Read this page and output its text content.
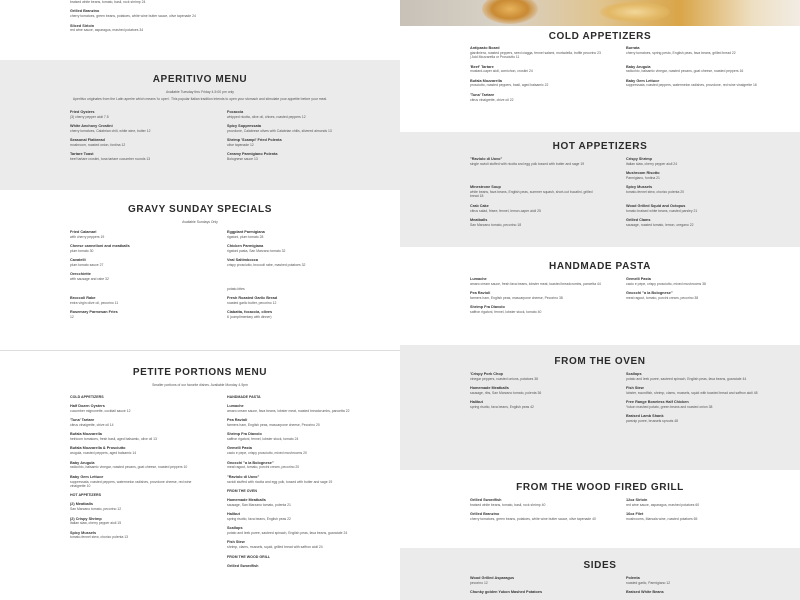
braised white beans, tomato, basil, rock shrimp 24
Grilled Branzino
cherry tomatoes, green beans, potatoes, white wine butter sauce, olive tapenade 24
Sliced Sirloin
red wine sauce, asparagus, mashed potatoes 34
APERITIVO MENU
Available Tuesday thru Friday 4-5:00 pm only
Aperitivo originates from the Latin aperire which means 'to open'. This popular Italian tradition intends to open your stomach and stimulate your appetite before your meal.
Fried Oysters
(3) cherry pepper aioli 7.5
Focaccia
whipped ricotta, olive oil, chives, roasted peppers 12
White Anchovy Crostini
cherry tomatoes, Calabrian chili, white wine, butter 12
Spicy Soppressata
provolone, Calabrese olives with Calabrian chilis, slivered almonds 13
Seasonal Flatbread
mushroom, roasted onion, fontina 12
Shrimp 'Scampi' Fried Polenta
olive tapenade 12
Tartare Toast
beef tartare crostini, tuna tartare cucumber rounds 13
Creamy Parmigiano Polenta
Bolognese sauce 13
GRAVY SUNDAY SPECIALS
Available Sundays Only
Fried Calamari
with cherry peppers 19
Eggplant Parmigiana
rigatoni, plum tomato 28
Cheese cannelloni and meatballs
plum tomato 30
Chicken Parmigiana
rigatoni pasta, San Marzano tomato 32
Cavatelli
plum tomato sauce 27
Veal Saltimbocca
crispy prosciutto, broccoli rabe, mashed potatoes 32
Orecchiette
with sausage and rabe 32
potato-bites
Broccoli Rabe
extra virgin olive oil, pecorino 11
Fresh Roasted Garlic Bread
roasted garlic butter, pecorino 12
Rosemary Parmesan Fries
12
Ciabatta, focaccia, olives
6 (complimentary with dinner)
PETITE PORTIONS MENU
Smaller portions of our favorite dishes. Available Monday 4-9pm
COLD APPETIZERS
Half Dozen Oysters
cucumber mignonette, cocktail sauce 12
'Tuna' Tartare
citrus vinaigrette, chive oil 14
Bufala Mozzarella
heirloom tomatoes, fresh basil, aged balsamic, olive oil 13
Bufala Mozzarella & Prosciutto
arugula, roasted peppers, aged balsamic 14
Baby Arugula
radicchio, balsamic vinegar, roasted pecans, goat cheese, roasted peppers 10
Baby Gem Lettuce
soppressata, roasted peppers, watermelon radishes, provolone cheese, red wine vinaigrette 10
HOT APPETIZERS
(2) Meatballs
San Marzano tomato, pecorino 12
(2) Crispy Shrimp
Italian slaw, cherry pepper aioli 15
Spicy Mussels
tomato-fennel stew, chorizo polenta 13
HANDMADE PASTA
Lumache
amaro cream sauce, fava beans, lobster meat, roasted breadcrumbs, pancetta 22
Pea Ravioli
farmers ham, English peas, mascarpone cheese, Pecorino 20
Shrimp Fra Diavolo
saffron rigatoni, fennel, lobster stock, tomato 24
Gemelli Pasta
cacio e pepe, crispy prosciutto, mixed mushrooms 20
Gnocchi "a la Bolognese"
meat ragout, tomato, porcini cream, pecorino 20
"Raviolo di Uovo"
ravioli stuffed with ricotta and egg yolk, tossed with butter and sage 19
FROM THE OVEN
Homemade Meatballs
sausage, San Marzano tomato, polenta 21
Halibut
spring risotto, fava beans, English peas 22
Scallops
potato and leek puree, sauteed spinach, English peas, fava beans, guanciale 24
Fish Stew
shrimp, clams, mussels, squid, grilled bread with saffron aioli 24
FROM THE WOOD GRILL
Grilled Swordfish
COLD APPETIZERS
Antipasto Board
giardiniera, roasted peppers, seed ciagga, fennel salami, mortadella, truffle pecorino 23 | Add Mozzarella or Prosciutto 11
Burrata
cherry tomatoes, spring pesto, English peas, fava beans, grilled bread 22
'Beef' Tartare
mustard-caper aioli, cornichon, crostini 24
Baby Arugula
radicchio, balsamic vinegar, roasted pecans, goat cheese, roasted peppers 16
Bufala Mozzarella
prosciutto, roasted peppers, basil, aged balsamic 22
Baby Gem Lettuce
soppressata, roasted peppers, watermelon radishes, provolone, red wine vinaigrette 16
'Tuna' Tartare
citrus vinaigrette, chive oil 22
HOT APPETIZERS
"Raviolo di Uovo"
single ravioli stuffed with ricotta and egg yolk tossed with butter and sage 19
Crispy Shrimp
Italian slaw, cherry pepper aioli 24
Mushroom Risotto
Parmigiano, fontina 21
Minestrone Soup
white beans, fava beans, English peas, summer squash, short-cut bucatini, grilled bread 18
Spicy Mussels
tomato-fennel stew, chorizo polenta 20
Crab Cake
citrus salad, frisee, fennel, lemon-caper aioli 25
Wood Grilled Squid and Octopus
tomato braised white beans, roasted parsley 21
Meatballs
San Marzano tomato, pecorino 18
Grilled Clams
sausage, roasted tomato, lemon, oregano 22
HANDMADE PASTA
Lumache
amaro cream sauce, fresh fava beans, lobster meat, toasted breadcrumbs, pancetta 44
Gemelli Pasta
cacio e pepe, crispy prosciutto, mixed mushrooms 38
Pea Ravioli
farmers ham, English peas, mascarpone cheese, Pecorino 38
Gnocchi "a la Bolognese"
meat ragout, tomato, porcini cream, pecorino 38
Shrimp Fra Diavolo
saffron rigatoni, fennel, lobster stock, tomato 40
FROM THE OVEN
'Crispy Pork Chop
vinegar peppers, roasted onions, potatoes 38
Scallops
potato and leek puree, sauteed spinach, English peas, fava beans, guanciale 44
Homemade Meatballs
sausage, ribs, San Marzano tomato, polenta 36
Fish Stew
lobster, swordfish, shrimp, clams, mussels, squid with toasted bread and saffron aioli 48
Halibut
spring risotto, fava beans, English peas 42
Free Range Boneless Half Chicken
Yukon mashed potato, green beans and roasted onion 38
Braised Lamb Shank
parsnip puree, brussels sprouts 48
FROM THE WOOD FIRED GRILL
Grilled Swordfish
braised white beans, tomato, basil, rock shrimp 40
12oz Sirloin
red wine sauce, asparagus, mashed potatoes 60
Grilled Branzino
cherry tomatoes, green beans, potatoes, white wine butter sauce, olive tapenade 40
16oz Filet
mushrooms, Marsala wine, roasted potatoes 65
SIDES
Wood Grilled Asparagus
pecorino 12
Polenta
roasted garlic, Parmigiano 12
Chunky golden Yukon Mashed Potatoes	Braised White Beans
